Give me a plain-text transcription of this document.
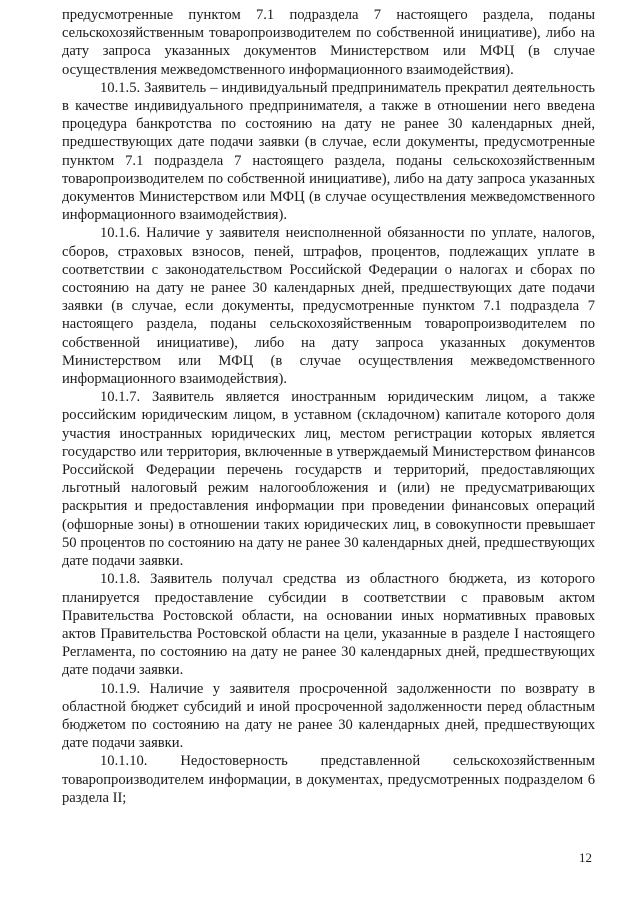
предусмотренные пунктом 7.1 подраздела 7 настоящего раздела, поданы сельскохозяйственным товаропроизводителем по собственной инициативе), либо на дату запроса указанных документов Министерством или МФЦ (в случае осуществления межведомственного информационного взаимодействия).

10.1.5. Заявитель – индивидуальный предприниматель прекратил деятельность в качестве индивидуального предпринимателя, а также в отношении него введена процедура банкротства по состоянию на дату не ранее 30 календарных дней, предшествующих дате подачи заявки (в случае, если документы, предусмотренные пунктом 7.1 подраздела 7 настоящего раздела, поданы сельскохозяйственным товаропроизводителем по собственной инициативе), либо на дату запроса указанных документов Министерством или МФЦ (в случае осуществления межведомственного информационного взаимодействия).

10.1.6. Наличие у заявителя неисполненной обязанности по уплате, налогов, сборов, страховых взносов, пеней, штрафов, процентов, подлежащих уплате в соответствии с законодательством Российской Федерации о налогах и сборах по состоянию на дату не ранее 30 календарных дней, предшествующих дате подачи заявки (в случае, если документы, предусмотренные пунктом 7.1 подраздела 7 настоящего раздела, поданы сельскохозяйственным товаропроизводителем по собственной инициативе), либо на дату запроса указанных документов Министерством или МФЦ (в случае осуществления межведомственного информационного взаимодействия).

10.1.7. Заявитель является иностранным юридическим лицом, а также российским юридическим лицом, в уставном (складочном) капитале которого доля участия иностранных юридических лиц, местом регистрации которых является государство или территория, включенные в утверждаемый Министерством финансов Российской Федерации перечень государств и территорий, предоставляющих льготный налоговый режим налогообложения и (или) не предусматривающих раскрытия и предоставления информации при проведении финансовых операций (офшорные зоны) в отношении таких юридических лиц, в совокупности превышает 50 процентов по состоянию на дату не ранее 30 календарных дней, предшествующих дате подачи заявки.

10.1.8. Заявитель получал средства из областного бюджета, из которого планируется предоставление субсидии в соответствии с правовым актом Правительства Ростовской области, на основании иных нормативных правовых актов Правительства Ростовской области на цели, указанные в разделе I настоящего Регламента, по состоянию на дату не ранее 30 календарных дней, предшествующих дате подачи заявки.

10.1.9. Наличие у заявителя просроченной задолженности по возврату в областной бюджет субсидий и иной просроченной задолженности перед областным бюджетом по состоянию на дату не ранее 30 календарных дней, предшествующих дате подачи заявки.

10.1.10. Недостоверность представленной сельскохозяйственным товаропроизводителем информации, в документах, предусмотренных подразделом 6 раздела II;

12
